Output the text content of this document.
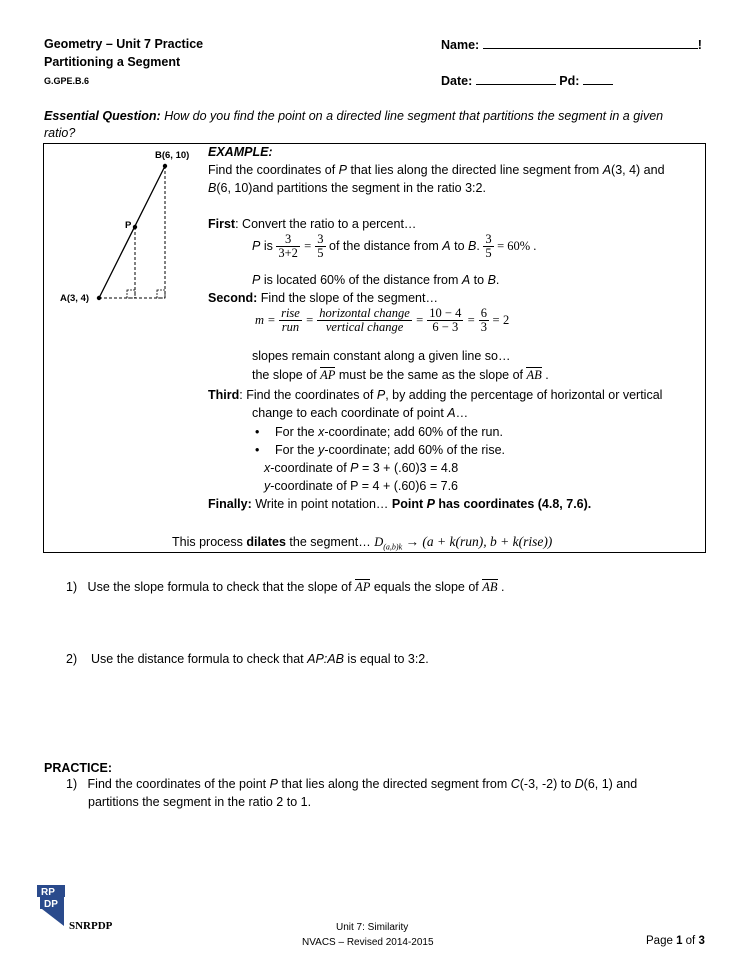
Geometry – Unit 7 Practice
Partitioning a Segment
G.GPE.B.6
Name:	!
Date:	Pd:
Essential Question: How do you find the point on a directed line segment that partitions the segment in a given
ratio?
B(6, 10)
P
A(3, 4)
EXAMPLE:
Find the coordinates of P that lies along the directed line segment from A(3, 4) and
B(6, 10)and partitions the segment in the ratio 3:2.
First: Convert the ratio to a percent…
P is $\frac{3}{3+2} = \frac{3}{5}$ of the distance from A to B. $\frac{3}{5} = 60\%$ .
P is located 60% of the distance from A to B.
Second: Find the slope of the segment…
$m = \frac{\text{rise}}{\text{run}} = \frac{\text{horizontal change}}{\text{vertical change}} = \frac{10 - 4}{6 - 3} = \frac{6}{3} = 2$
slopes remain constant along a given line so…
the slope of AP must be the same as the slope of AB .
Third: Find the coordinates of P, by adding the percentage of horizontal or vertical
change to each coordinate of point A…
• For the x-coordinate; add 60% of the run.
• For the y-coordinate; add 60% of the rise.
x-coordinate of P = 3 + (.60)3 = 4.8
y-coordinate of P = 4 + (.60)6 = 7.6
Finally: Write in point notation… Point P has coordinates (4.8, 7.6).
This process dilates the segment… $D_{(a,b)k} \to (a + k(run)$, b + k(rise))
1) Use the slope formula to check that the slope of AP equals the slope of AB .
2) Use the distance formula to check that AP:AB is equal to 3:2.
PRACTICE:
1) Find the coordinates of the point P that lies along the directed segment from C(-3, -2) to D(6, 1) and
partitions the segment in the ratio 2 to 1.
RP
DP
SNRPDP	Unit 7: Similarity
NVACS – Revised 2014-2015	Page 1 of 3
